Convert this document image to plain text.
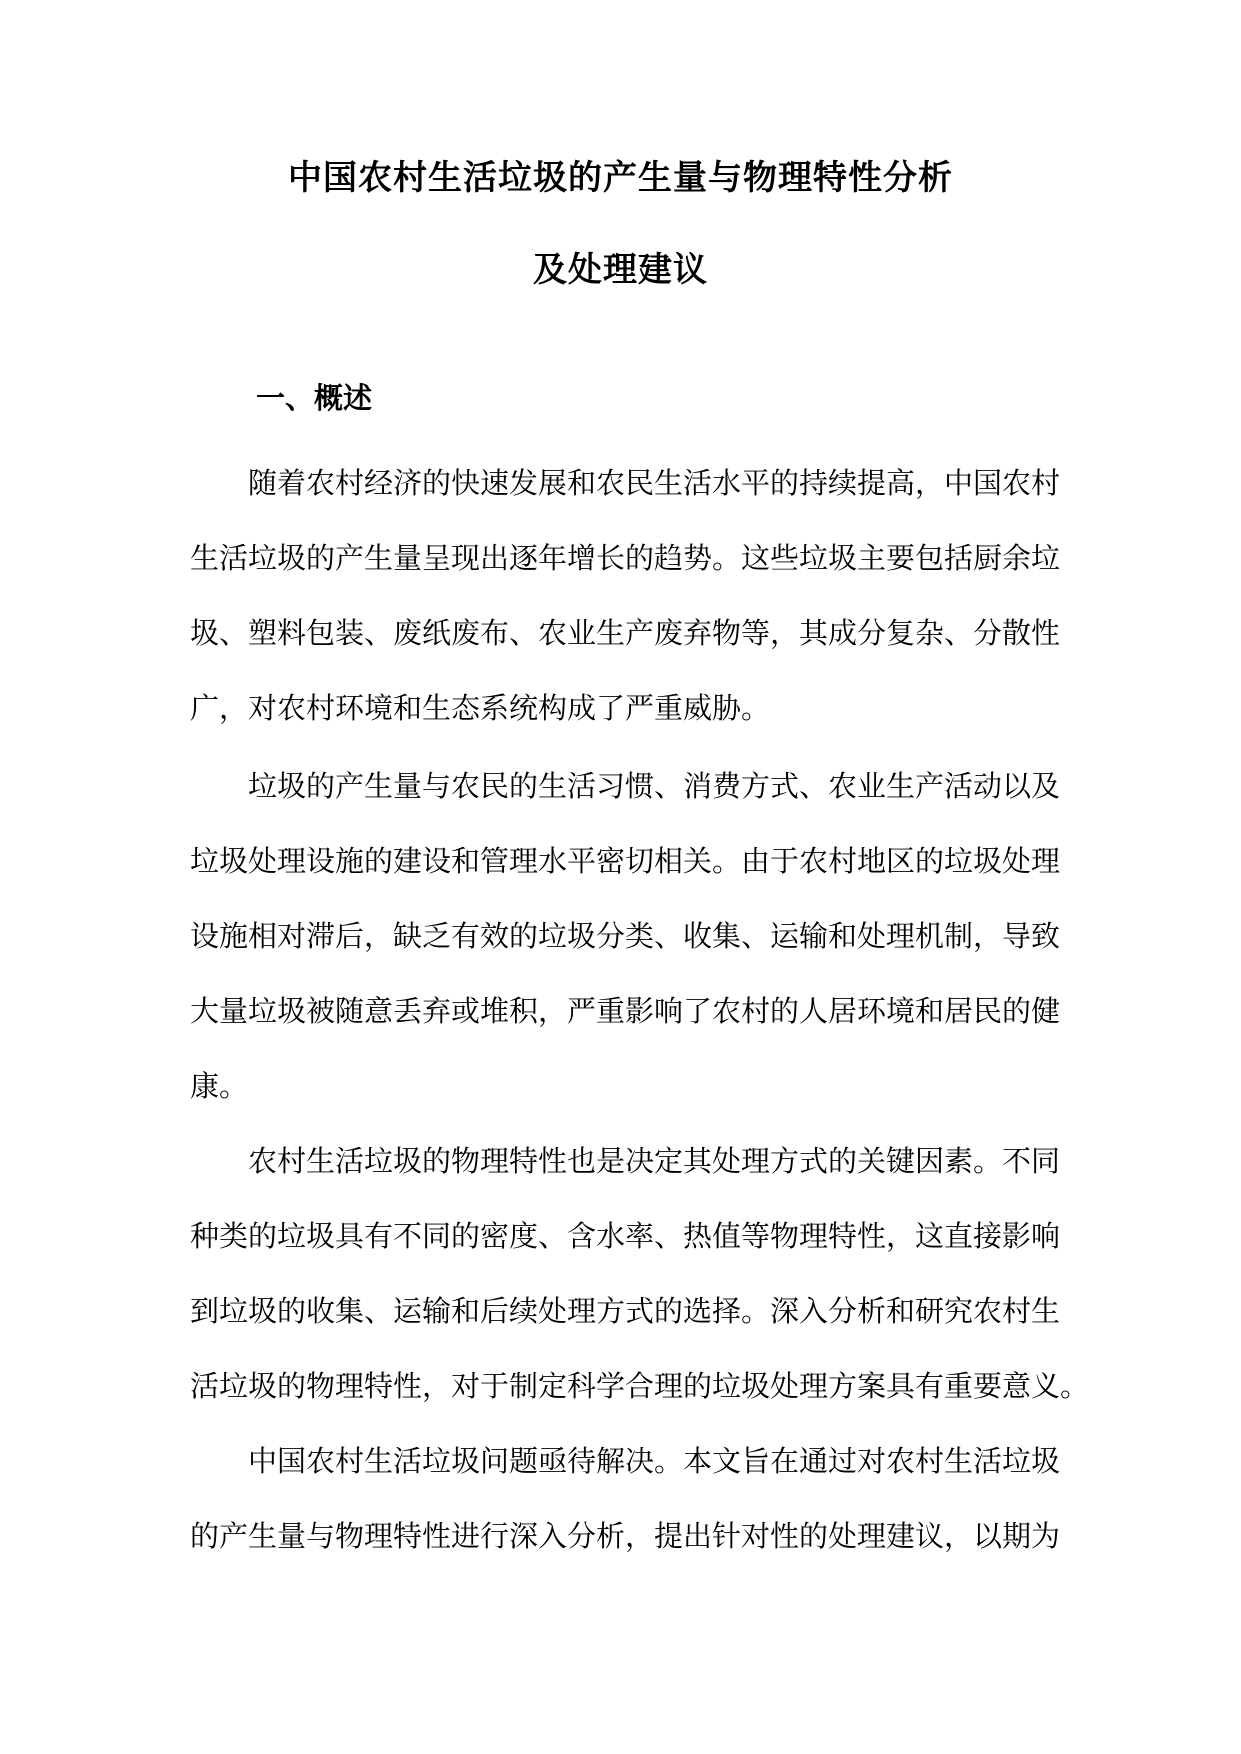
中国农村生活垃圾的产生量与物理特性分析
及处理建议
一、概述
随着农村经济的快速发展和农民生活水平的持续提高，中国农村
生活垃圾的产生量呈现出逐年增长的趋势。这些垃圾主要包括厨余垃
圾、塑料包装、废纸废布、农业生产废弃物等，其成分复杂、分散性
广，对农村环境和生态系统构成了严重威胁。
垃圾的产生量与农民的生活习惯、消费方式、农业生产活动以及
垃圾处理设施的建设和管理水平密切相关。由于农村地区的垃圾处理
设施相对滞后，缺乏有效的垃圾分类、收集、运输和处理机制，导致
大量垃圾被随意丢弃或堆积，严重影响了农村的人居环境和居民的健
康。
农村生活垃圾的物理特性也是决定其处理方式的关键因素。不同
种类的垃圾具有不同的密度、含水率、热值等物理特性，这直接影响
到垃圾的收集、运输和后续处理方式的选择。深入分析和研究农村生
活垃圾的物理特性，对于制定科学合理的垃圾处理方案具有重要意义。
中国农村生活垃圾问题亟待解决。本文旨在通过对农村生活垃圾
的产生量与物理特性进行深入分析，提出针对性的处理建议，以期为
